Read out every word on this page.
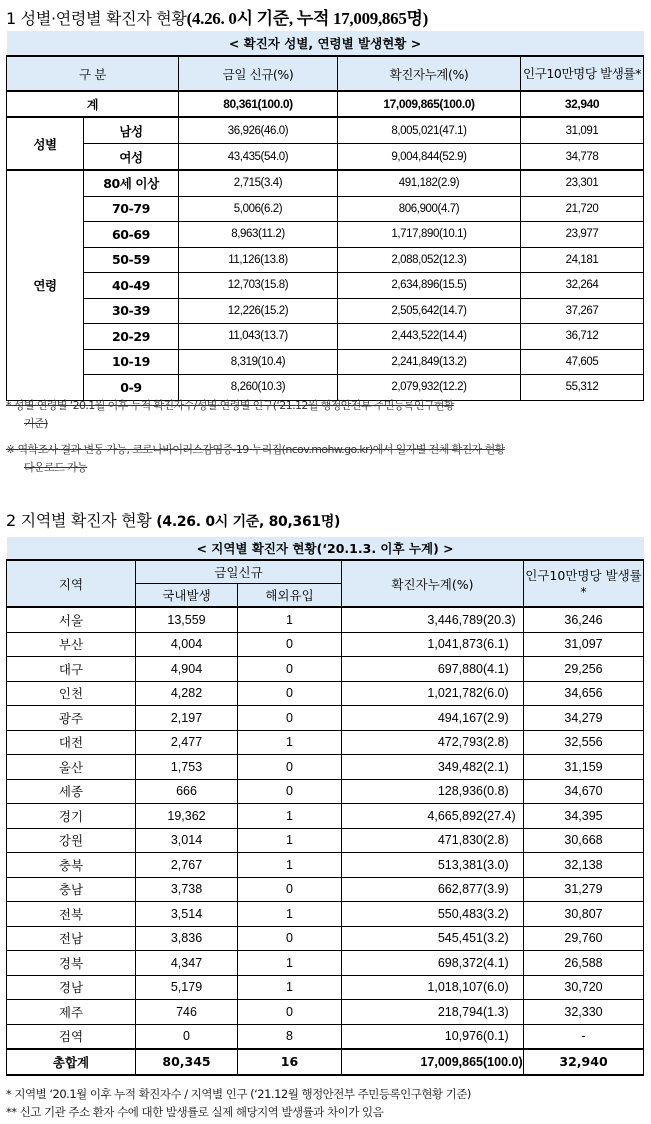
1 성별·연령별 확진자 현황(4.26. 0시 기준, 누적 17,009,865명)
< 확진자 성별, 연령별 발생현황 >				
구 분		금일 신규(%)	확진자누계(%)	인구10만명당 발생률*
계		80,361(100.0)	17,009,865(100.0)	32,940
성별	남성	36,926(46.0)	8,005,021(47.1)	31,091
	여성	43,435(54.0)	9,004,844(52.9)	34,778
연령	80세 이상	2,715(3.4)	491,182(2.9)	23,301
	70-79	5,006(6.2)	806,900(4.7)	21,720
	60-69	8,963(11.2)	1,717,890(10.1)	23,977
	50-59	11,126(13.8)	2,088,052(12.3)	24,181
	40-49	12,703(15.8)	2,634,896(15.5)	32,264
	30-39	12,226(15.2)	2,505,642(14.7)	37,267
	20-29	11,043(13.7)	2,443,522(14.4)	36,712
	10-19	8,319(10.4)	2,241,849(13.2)	47,605
	0-9	8,260(10.3)	2,079,932(12.2)	55,312
* 성별·연령별 ‘20.1월 이후 누적 확진자수/성별·연령별 인구(‘21.12월 행정안전부 주민등록인구현황
기준)
※ 역학조사 결과 변동 가능, 코로나바이러스감염증-19 누리집(ncov.mohw.go.kr)에서 일자별 전체 확진자 현황
다운로드 가능
2 지역별 확진자 현황 (4.26. 0시 기준, 80,361명)
< 지역별 확진자 현황(‘20.1.3. 이후 누계) >				
지역	금일신규		확진자누계(%)	인구10만명당 발생률*
	국내발생	해외유입		
서울	13,559	1	3,446,789 (20.3)	36,246
부산	4,004	0	1,041,873 (6.1)	31,097
대구	4,904	0	697,880 (4.1)	29,256
인천	4,282	0	1,021,782 (6.0)	34,656
광주	2,197	0	494,167 (2.9)	34,279
대전	2,477	1	472,793 (2.8)	32,556
울산	1,753	0	349,482 (2.1)	31,159
세종	666	0	128,936 (0.8)	34,670
경기	19,362	1	4,665,892 (27.4)	34,395
강원	3,014	1	471,830 (2.8)	30,668
충북	2,767	1	513,381 (3.0)	32,138
충남	3,738	0	662,877 (3.9)	31,279
전북	3,514	1	550,483 (3.2)	30,807
전남	3,836	0	545,451 (3.2)	29,760
경북	4,347	1	698,372 (4.1)	26,588
경남	5,179	1	1,018,107 (6.0)	30,720
제주	746	0	218,794 (1.3)	32,330
검역	0	8	10,976 (0.1)	-
총합계	80,345	16	17,009,865 (100.0)	32,940
* 지역별 ‘20.1월 이후 누적 확진자수 / 지역별 인구 (‘21.12월 행정안전부 주민등록인구현황 기준)
** 신고 기관 주소 환자 수에 대한 발생률로 실제 해당지역 발생률과 차이가 있음
